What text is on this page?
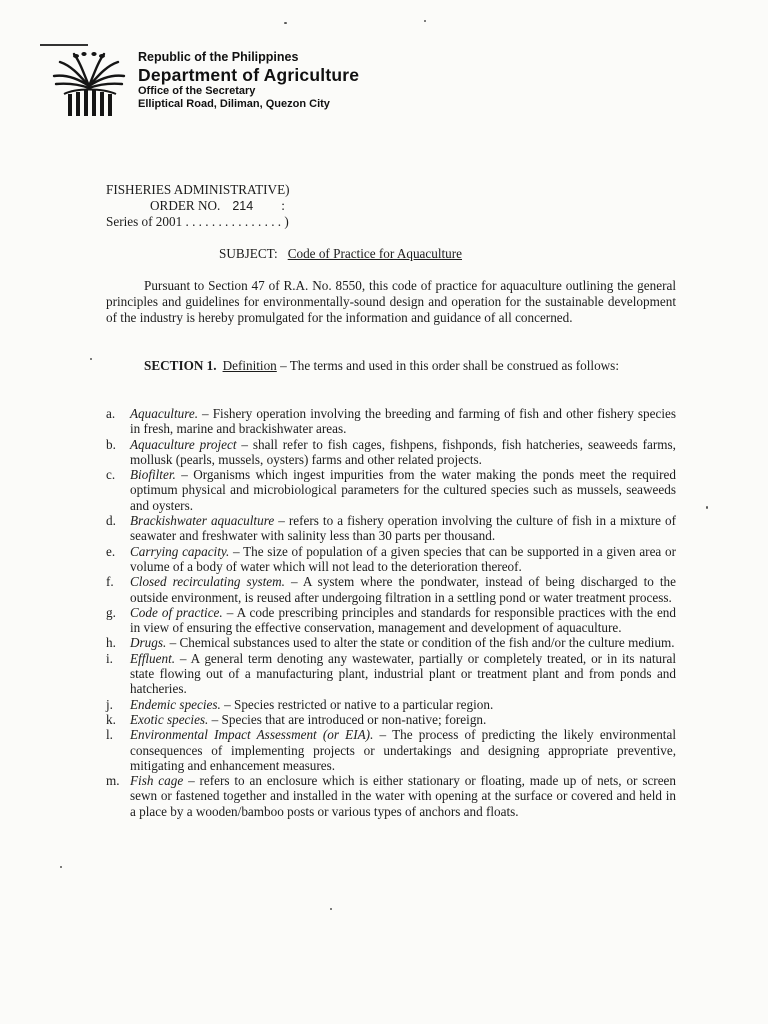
Republic of the Philippines
Department of Agriculture
Office of the Secretary
Elliptical Road, Diliman, Quezon City
FISHERIES ADMINISTRATIVE)
ORDER NO. 214 :
Series of 2001 . . . . . . . . . . . . . . . )
SUBJECT: Code of Practice for Aquaculture

Pursuant to Section 47 of R.A. No. 8550, this code of practice for aquaculture outlining the general principles and guidelines for environmentally-sound design and operation for the sustainable development of the industry is hereby promulgated for the information and guidance of all concerned.

SECTION 1. Definition – The terms and used in this order shall be construed as follows:

a. Aquaculture. – Fishery operation involving the breeding and farming of fish and other fishery species in fresh, marine and brackishwater areas.
b. Aquaculture project – shall refer to fish cages, fishpens, fishponds, fish hatcheries, seaweeds farms, mollusk (pearls, mussels, oysters) farms and other related projects.
c. Biofilter. – Organisms which ingest impurities from the water making the ponds meet the required optimum physical and microbiological parameters for the cultured species such as mussels, seaweeds and oysters.
d. Brackishwater aquaculture – refers to a fishery operation involving the culture of fish in a mixture of seawater and freshwater with salinity less than 30 parts per thousand.
e. Carrying capacity. – The size of population of a given species that can be supported in a given area or volume of a body of water which will not lead to the deterioration thereof.
f. Closed recirculating system. – A system where the pondwater, instead of being discharged to the outside environment, is reused after undergoing filtration in a settling pond or water treatment process.
g. Code of practice. – A code prescribing principles and standards for responsible practices with the end in view of ensuring the effective conservation, management and development of aquaculture.
h. Drugs. – Chemical substances used to alter the state or condition of the fish and/or the culture medium.
i. Effluent. – A general term denoting any wastewater, partially or completely treated, or in its natural state flowing out of a manufacturing plant, industrial plant or treatment plant and from ponds and hatcheries.
j. Endemic species. – Species restricted or native to a particular region.
k. Exotic species. – Species that are introduced or non-native; foreign.
l. Environmental Impact Assessment (or EIA). – The process of predicting the likely environmental consequences of implementing projects or undertakings and designing appropriate preventive, mitigating and enhancement measures.
m. Fish cage – refers to an enclosure which is either stationary or floating, made up of nets, or screen sewn or fastened together and installed in the water with opening at the surface or covered and held in a place by a wooden/bamboo posts or various types of anchors and floats.
